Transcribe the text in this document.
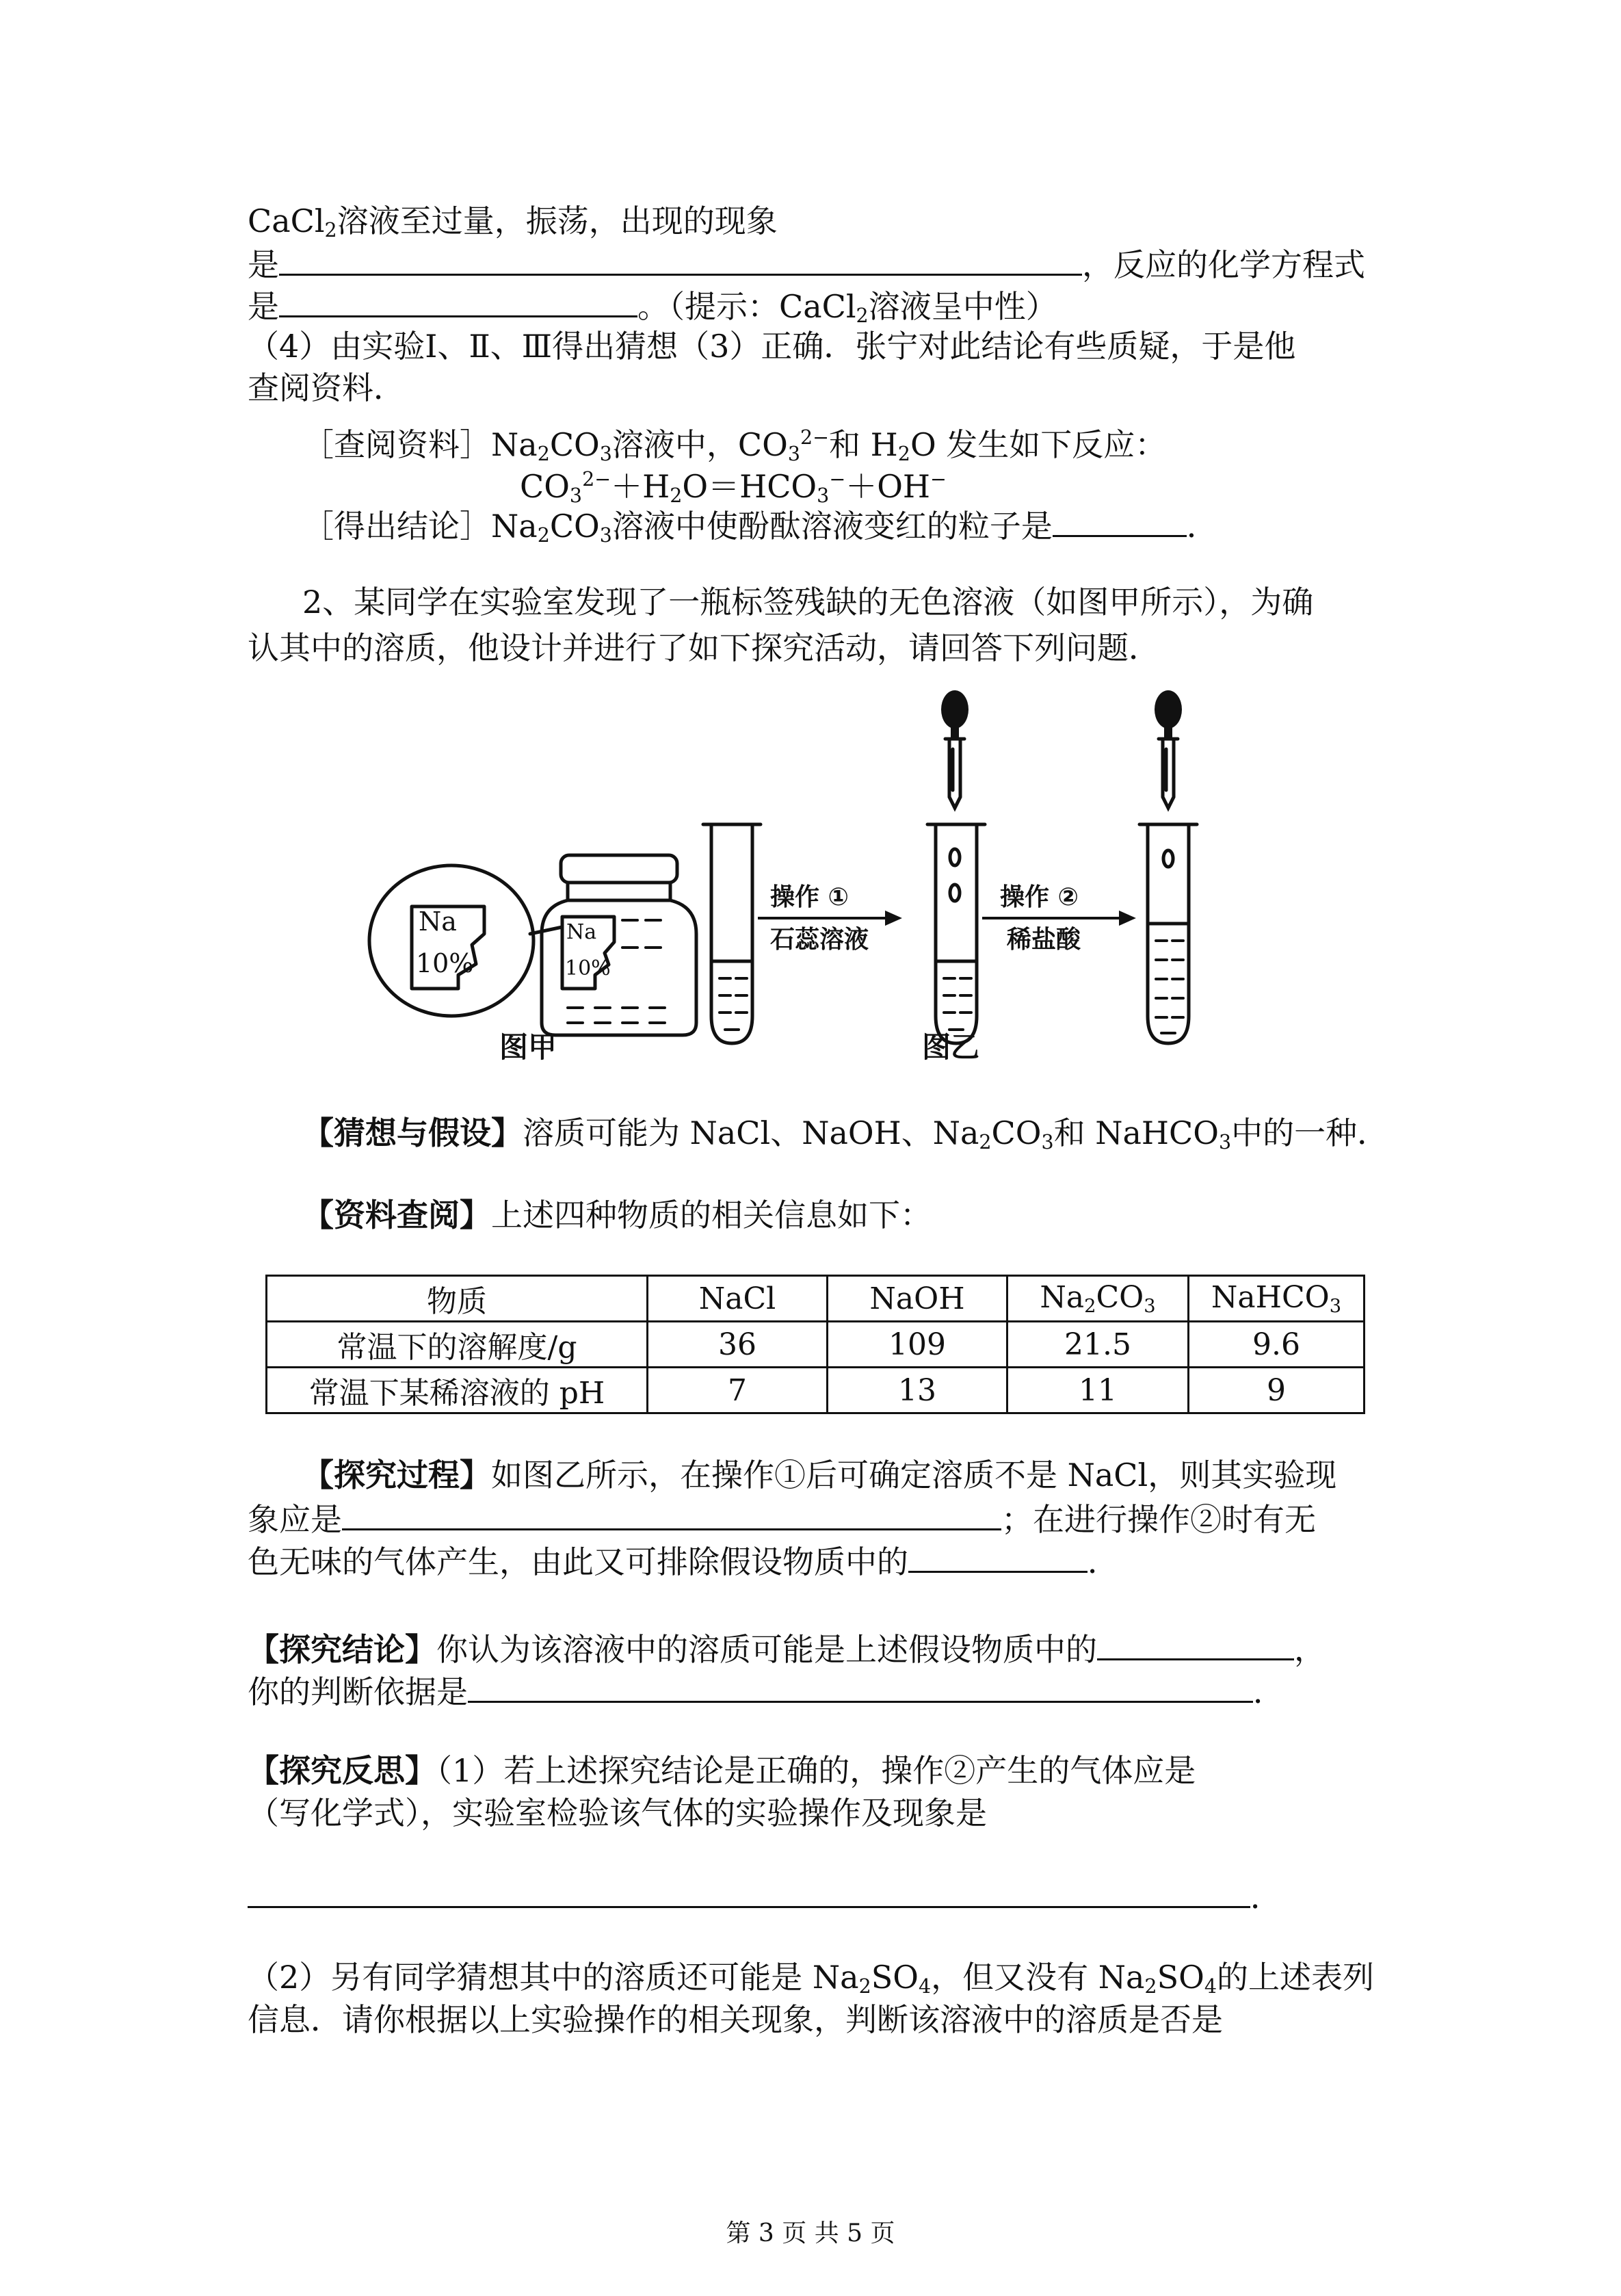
CaCl$_2$溶液至过量，振荡，出现的现象
是	，反应的化学方程式
是	。（提示：CaCl$_2$溶液呈中性）
（4）由实验Ⅰ、Ⅱ、Ⅲ得出猜想（3）正确．张宁对此结论有些质疑，于是他
查阅资料．
［查阅资料$]Na_2CO_3$溶液中，$CO_3^{2-}$和 $H_2O$ 发生如下反应：
$CO_3^{2-}+H_2O=HCO_3^-+OH^-$
［得出结论$]Na_2CO_3$溶液中使酚酞溶液变红的粒子是	．
2、某同学在实验室发现了一瓶标签残缺的无色溶液（如图甲所示），为确
认其中的溶质，他设计并进行了如下探究活动，请回答下列问题．
Na
10%
Na
10%
操作 ①
石蕊溶液
操作 ②
稀盐酸
图甲	图乙
【猜想与假设】溶质可能为 NaCl、NaOH、$Na_2CO_3$和 NaHCO$_3$中的一种．
【资料查阅】上述四种物质的相关信息如下：
物质	NaCl	NaOH	$Na_2CO_3$	NaHCO$_3$
常温下的溶解度/g	36	109	21.5	9.6
常温下某稀溶液的 pH	7	13	11	9
【探究过程】如图乙所示，在操作①后可确定溶质不是 NaCl，则其实验现
象应是	；在进行操作②时有无
色无味的气体产生，由此又可排除假设物质中的	．
【探究结论】你认为该溶液中的溶质可能是上述假设物质中的	，
你的判断依据是	．
【探究反思】（1）若上述探究结论是正确的，操作②产生的气体应是
（写化学式），实验室检验该气体的实验操作及现象是
．
（2）另有同学猜想其中的溶质还可能是 $Na_2SO_4$，但又没有 $Na_2SO_4$的上述表列
信息．请你根据以上实验操作的相关现象，判断该溶液中的溶质是否是
第 3 页 共 5 页
